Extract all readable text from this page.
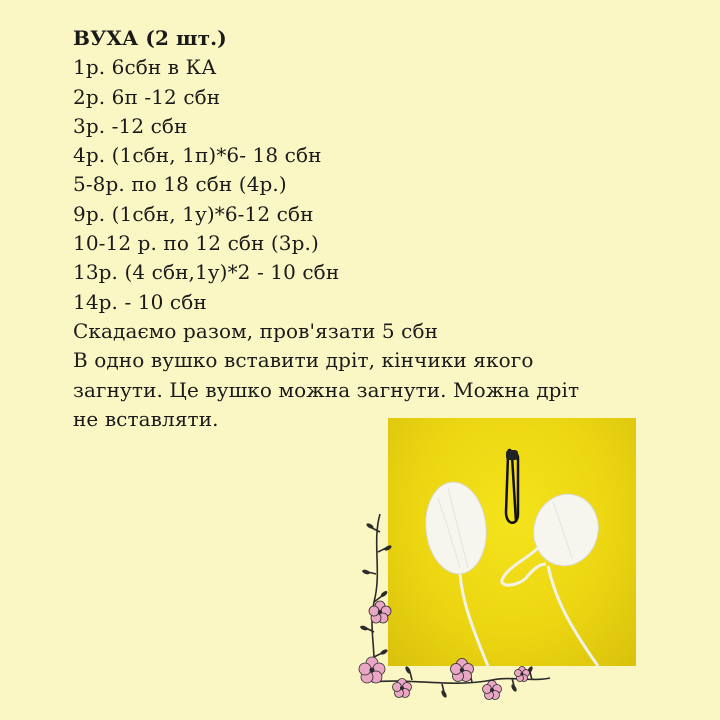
ВУХА (2 шт.)
1р. 6сбн в КА
2р. 6п -12 сбн
3р. -12 сбн
4р. (1сбн, 1п)*6- 18 сбн
5-8р. по 18 сбн (4р.)
9р. (1сбн, 1у)*6-12 сбн
10-12 р. по 12 сбн (3р.)
13р. (4 сбн,1у)*2 - 10 сбн
14р. - 10 сбн
Скадаємо разом, пров'язати 5 сбн
В одно вушко вставити дріт, кінчики якого
загнути. Це вушко можна загнути. Можна дріт
не вставляти.
